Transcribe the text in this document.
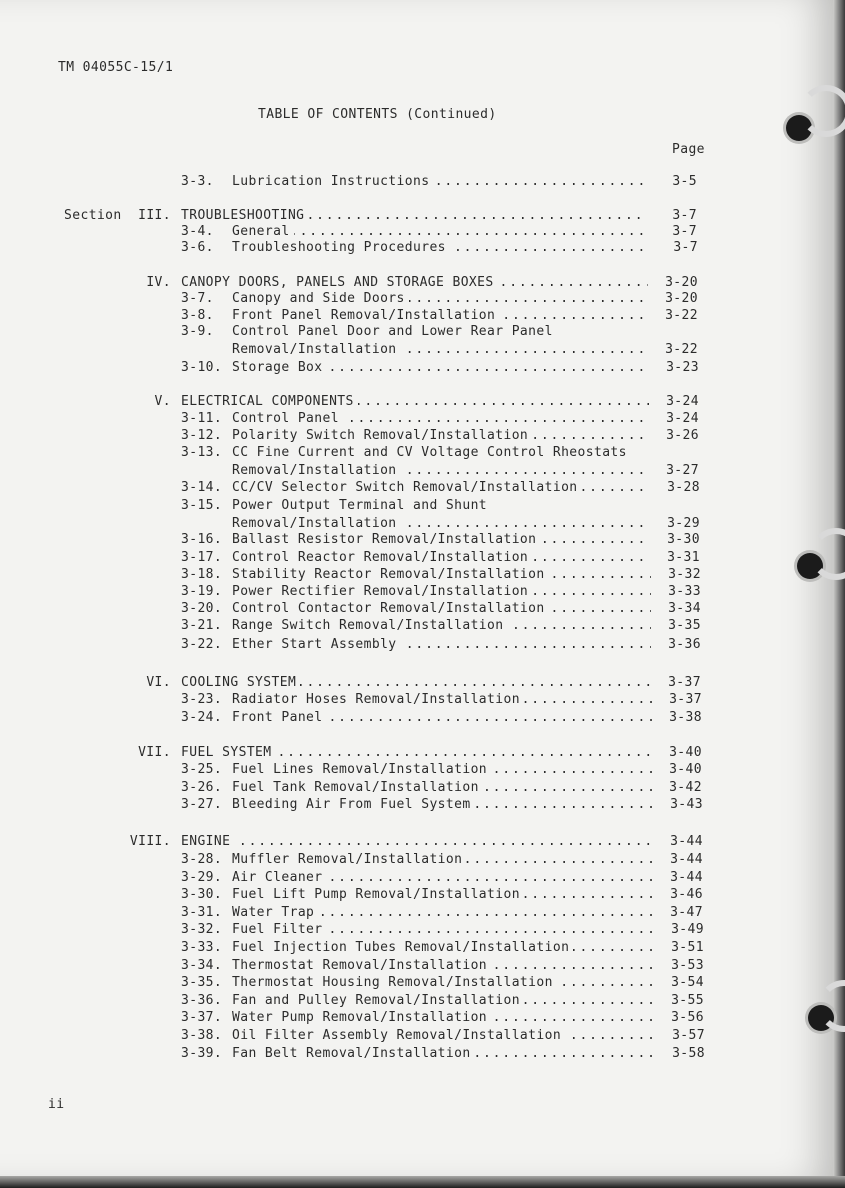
TM 04055C-15/1
TABLE OF CONTENTS (Continued)
Page
3-3.	Lubrication Instructions . . .	3-5
Section  III. TROUBLESHOOTING . . .	3-7
3-4.	General . . .	3-7
3-6.	Troubleshooting Procedures . . .	3-7
IV. CANOPY DOORS, PANELS AND STORAGE BOXES . . .	3-20
3-7.	Canopy and Side Doors . . .	3-20
3-8.	Front Panel Removal/Installation . . .	3-22
3-9.	Control Panel Door and Lower Rear Panel
Removal/Installation . . .	3-22
3-10. Storage Box . . .	3-23
V. ELECTRICAL COMPONENTS . . .	3-24
3-11. Control Panel . . .	3-24
3-12. Polarity Switch Removal/Installation . . .	3-26
3-13. CC Fine Current and CV Voltage Control Rheostats
Removal/Installation . . .	3-27
3-14. CC/CV Selector Switch Removal/Installation . . .	3-28
3-15. Power Output Terminal and Shunt
Removal/Installation . . .	3-29
3-16. Ballast Resistor Removal/Installation . . .	3-30
3-17. Control Reactor Removal/Installation . . .	3-31
3-18. Stability Reactor Removal/Installation . . .	3-32
3-19. Power Rectifier Removal/Installation . . .	3-33
3-20. Control Contactor Removal/Installation . . .	3-34
3-21. Range Switch Removal/Installation . . .	3-35
3-22. Ether Start Assembly . . .	3-36
VI. COOLING SYSTEM . . .	3-37
3-23. Radiator Hoses Removal/Installation . . .	3-37
3-24. Front Panel . . .	3-38
VII. FUEL SYSTEM . . .	3-40
3-25. Fuel Lines Removal/Installation . . .	3-40
3-26. Fuel Tank Removal/Installation . . .	3-42
3-27. Bleeding Air From Fuel System . . .	3-43
VIII. ENGINE . . .	3-44
3-28. Muffler Removal/Installation . . .	3-44
3-29. Air Cleaner . . .	3-44
3-30. Fuel Lift Pump Removal/Installation . . .	3-46
3-31. Water Trap . . .	3-47
3-32. Fuel Filter . . .	3-49
3-33. Fuel Injection Tubes Removal/Installation . . .	3-51
3-34. Thermostat Removal/Installation . . .	3-53
3-35. Thermostat Housing Removal/Installation . . .	3-54
3-36. Fan and Pulley Removal/Installation . . .	3-55
3-37. Water Pump Removal/Installation . . .	3-56
3-38. Oil Filter Assembly Removal/Installation . . .	3-57
3-39. Fan Belt Removal/Installation . . .	3-58
ii
